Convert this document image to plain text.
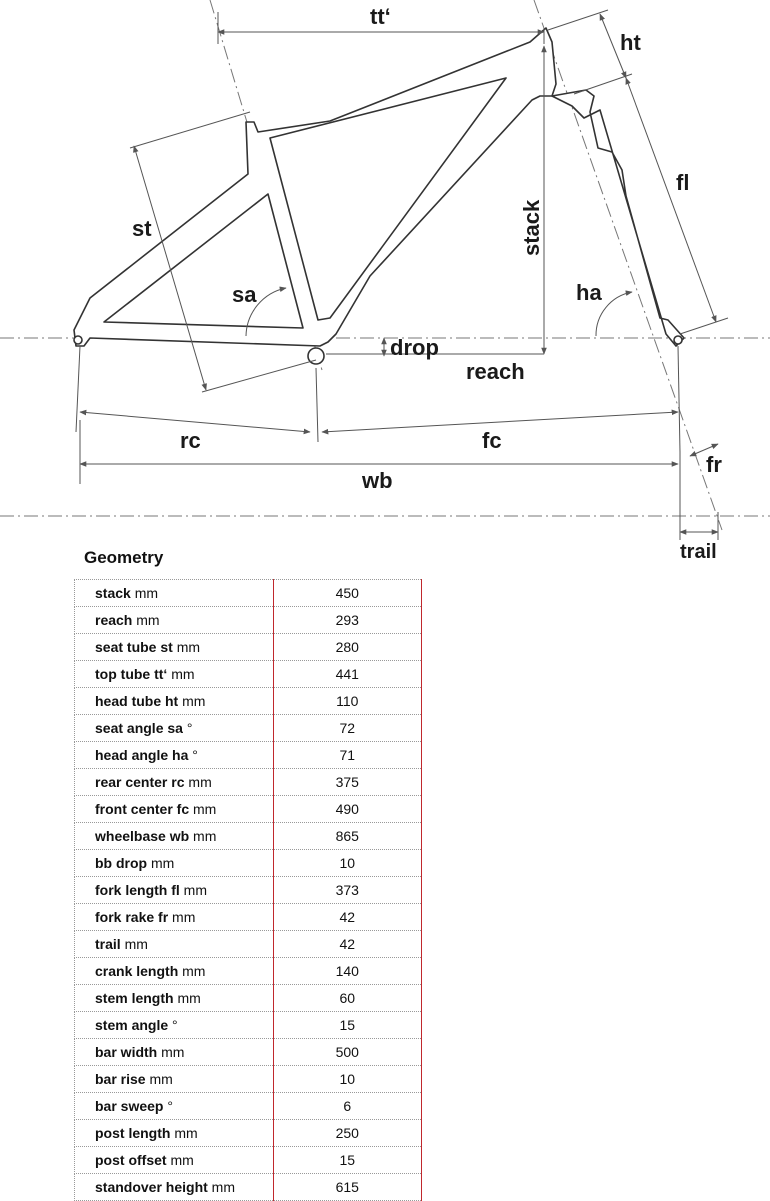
tt‘
ht
fl
st	stack
sa	ha
drop
reach
rc	fc
wb
fr
trail
Geometry
stack mm	450
reach mm	293
seat tube st mm	280
top tube tt‘ mm	441
head tube ht mm	110
seat angle sa °	72
head angle ha °	71
rear center rc mm	375
front center fc mm	490
wheelbase wb mm	865
bb drop mm	10
fork length fl mm	373
fork rake fr mm	42
trail mm	42
crank length mm	140
stem length mm	60
stem angle °	15
bar width mm	500
bar rise mm	10
bar sweep °	6
post length mm	250
post offset mm	15
standover height mm	615
